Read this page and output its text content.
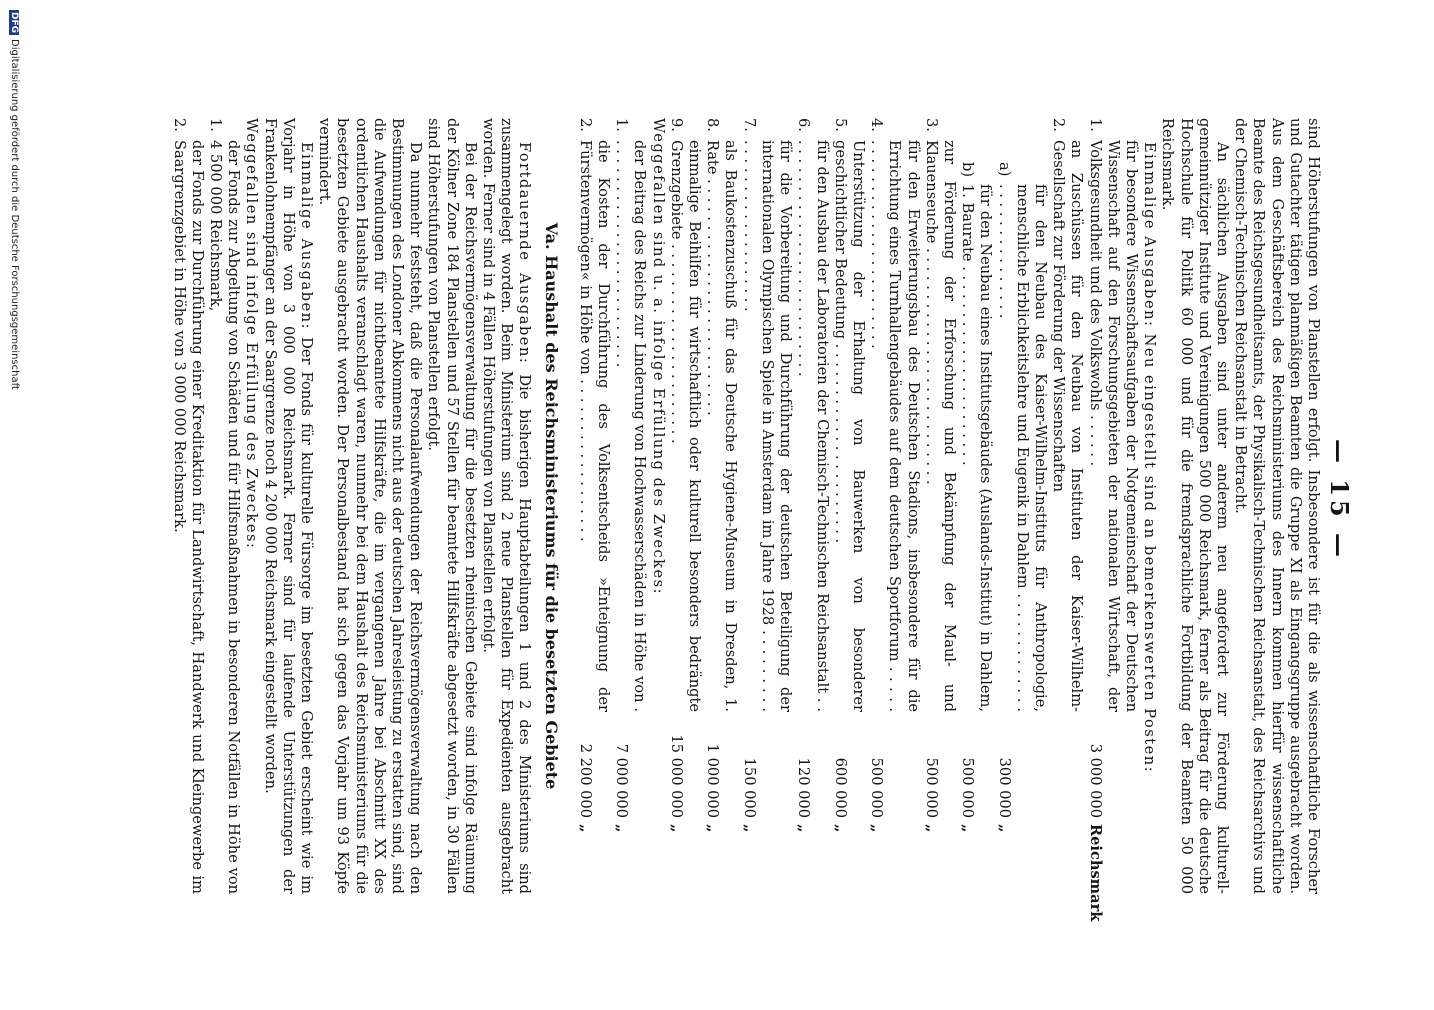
— 15 —

sind Höherstufungen von Planstellen erfolgt. Insbesondere ist für die als wissenschaftliche Forscher und Gutachter tätigen planmäßigen Beamten die Gruppe XI als Eingangsgruppe ausgebracht worden. Aus dem Geschäftsbereich des Reichsministeriums des Innern kommen hierfür wissenschaftliche Beamte des Reichsgesundheitsamts, der Physikalisch-Technischen Reichsanstalt, des Reichsarchivs und der Chemisch-Technischen Reichsanstalt in Betracht.

An sächlichen Ausgaben sind unter anderem neu angefordert zur Förderung kulturell-gemeinnütziger Institute und Vereinigungen 500 000 Reichsmark, ferner als Beitrag für die deutsche Hochschule für Politik 60 000 und für die fremdsprachliche Fortbildung der Beamten 50 000 Reichsmark.

Einmalige Ausgaben: Neu eingestellt sind an bemerkenswerten Posten:

1.
für besondere Wissenschaftsaufgaben der Notgemeinschaft der Deutschen Wissenschaft auf den Forschungsgebieten der nationalen Wirtschaft, der Volksgesundheit und des Volkswohls . . . . . .
3 000 000
Reichsmark
2.
an Zuschüssen für den Neubau von Instituten der Kaiser-Wilhelm-Gesellschaft zur Förderung der Wissenschaften
a)
für den Neubau des Kaiser-Wilhelm-Instituts für Anthropologie, menschliche Erblichkeitslehre und Eugenik in Dahlem . . . . . . . . . . . . . . . . . . . . . . . . . . . .
300 000
„
b)
für den Neubau eines Institutsgebäudes (Auslands-Institut) in Dahlem, 1. Baurate . . . . . . . . . . . . . . . . . . . . . .
500 000
„
3.
zur Förderung der Erforschung und Bekämpfung der Maul- und Klauenseuche . . . . . . . . . . . . . . . . . . . . . . . . . .
500 000
„
4.
für den Erweiterungsbau des Deutschen Stadions, insbesondere für die Errichtung eines Turnhallengebäudes auf dem deutschen Sportforum . . . . . . . . . . . . . . . . . . . . . . . . . . . .
500 000
„
5.
Unterstützung der Erhaltung von Bauwerken von besonderer geschichtlicher Bedeutung . . . . . . . . . . . . . . . . . . . . . .
600 000
„
6.
für den Ausbau der Laboratorien der Chemisch-Technischen Reichsanstalt . . . . . . . . . . . . . . . . . . . . . . . . . . . .
120 000
„
7.
für die Vorbereitung und Durchführung der deutschen Beteiligung der internationalen Olympischen Spiele in Amsterdam im Jahre 1928 . . . . . . . . . . . . . . . . . . . . . . . . . . . .
150 000
„
8.
als Baukostenzuschuß für das Deutsche Hygiene-Museum in Dresden, 1. Rate . . . . . . . . . . . . . . . . . . . . . . . . . .
1 000 000
„
9.
einmalige Beihilfen für wirtschaftlich oder kulturell besonders bedrängte Grenzgebiete . . . . . . . . . . . . . . . . . . . . . .
15 000 000
„

Weggefallen sind u. a. infolge Erfüllung des Zweckes:

1.
der Beitrag des Reichs zur Linderung von Hochwasserschäden in Höhe von . . . . . . . . . . . . . . . . . . . . . . . . . .
7 000 000
„
2.
die Kosten der Durchführung des Volksentscheids »Enteignung der Fürstenvermögen« in Höhe von . . . . . . . . . . . . . . . . . .
2 200 000
„
Va. Haushalt des Reichsministeriums für die besetzten Gebiete

Fortdauernde Ausgaben: Die bisherigen Hauptabteilungen 1 und 2 des Ministeriums sind zusammengelegt worden. Beim Ministerium sind 2 neue Planstellen für Expedienten ausgebracht worden. Ferner sind in 4 Fällen Höherstufungen von Planstellen erfolgt.

Bei der Reichsvermögensverwaltung für die besetzten rheinischen Gebiete sind infolge Räumung der Kölner Zone 184 Planstellen und 57 Stellen für beamtete Hilfskräfte abgesetzt worden, in 30 Fällen sind Höherstufungen von Planstellen erfolgt.

Da nunmehr feststeht, daß die Personalaufwendungen der Reichsvermögensverwaltung nach den Bestimmungen des Londoner Abkommens nicht aus der deutschen Jahresleistung zu erstatten sind, sind die Aufwendungen für nichtbeamtete Hilfskräfte, die im vergangenen Jahre bei Abschnitt XX des ordentlichen Haushalts veranschlagt waren, nunmehr bei dem Haushalt des Reichsministeriums für die besetzten Gebiete ausgebracht worden. Der Personalbestand hat sich gegen das Vorjahr um 93 Köpfe vermindert.

Einmalige Ausgaben: Der Fonds für kulturelle Fürsorge im besetzten Gebiet erscheint wie im Vorjahr in Höhe von 3 000 000 Reichsmark. Ferner sind für laufende Unterstützungen der Frankenlohnempfänger an der Saargrenze noch 4 200 000 Reichsmark eingestellt worden.

Weggefallen sind infolge Erfüllung des Zweckes:

1.
der Fonds zur Abgeltung von Schäden und für Hilfsmaßnahmen in besonderen Notfällen in Höhe von 4 500 000 Reichsmark,
2.
der Fonds zur Durchführung einer Kreditaktion für Landwirtschaft, Handwerk und Kleingewerbe im Saargrenzgebiet in Höhe von 3 000 000 Reichsmark.
DFGDigitalisierung gefördert durch die Deutsche Forschungsgemeinschaft
